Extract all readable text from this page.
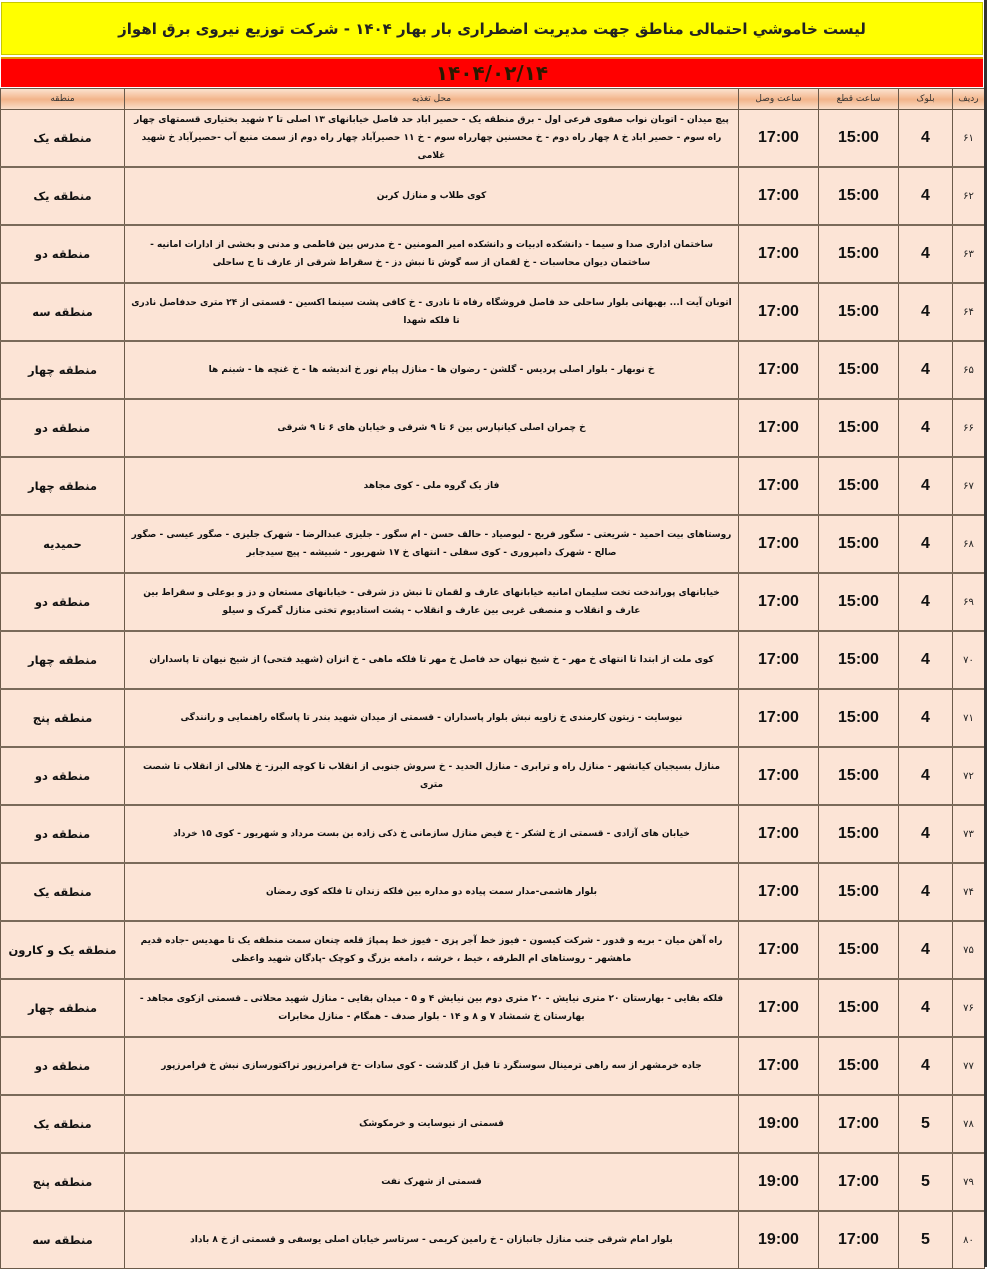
لیست خاموشي احتمالی مناطق جهت مدیریت اضطراری بار بهار ۱۴۰۴ - شرکت توزیع نیروی برق اهواز
۱۴۰۴/۰۲/۱۴
منطقه	محل تغذیه	ساعت وصل	ساعت قطع	بلوک	ردیف
منطقه یک	پیچ میدان - اتوبان نواب صفوی فرعی اول - برق منطقه یک - حصیر اباد حد فاصل خیابانهای ۱۳ اصلی تا ۲ شهید بختیاری قسمتهای چهار راه سوم - حصیر اباد خ ۸ چهار راه دوم - خ محسنین چهارراه سوم - خ ۱۱ حصیرآباد چهار راه دوم از سمت منبع آب -حصیرآباد خ شهید غلامی	17:00	15:00	4	۶۱
منطقه یک	کوی طلاب و منازل کربن	17:00	15:00	4	۶۲
منطقه دو	ساختمان اداری صدا و سیما - دانشکده ادبیات و دانشکده امیر المومنین - خ مدرس بین فاطمی و مدنی و بخشی از ادارات امانیه - ساختمان دیوان محاسبات - خ لقمان از سه گوش تا نبش دز - خ سقراط شرقی از عارف تا ح ساحلی	17:00	15:00	4	۶۳
منطقه سه	اتوبان آیت ا... بهبهانی بلوار ساحلی حد فاصل فروشگاه رفاه تا نادری - خ کافی پشت سینما اکسین - قسمتی از ۲۴ متری حدفاصل نادری تا فلکه شهدا	17:00	15:00	4	۶۴
منطقه چهار	خ نوبهار - بلوار اصلی پردیس - گلشن - رضوان ها - منازل پیام نور خ اندیشه ها - خ غنچه ها - شبنم ها	17:00	15:00	4	۶۵
منطقه دو	خ چمران اصلی کیانپارس بین ۶ تا ۹ شرقی و خیابان های ۶ تا ۹ شرقی	17:00	15:00	4	۶۶
منطقه چهار	فاز یک گروه ملی - کوی مجاهد	17:00	15:00	4	۶۷
حمیدیه	روستاهای بیت احمید - شریعتی - سگور فریح - لبوصیاد - حالف حسن - ام سگور - جلیزی عبدالرضا - شهرک جلیزی - صگور عیسی - صگور صالح - شهرک دامپروری - کوی سفلی - انتهای خ ۱۷ شهریور - شبیشه - پیچ سیدجابر	17:00	15:00	4	۶۸
منطقه دو	خیابانهای پوراندخت تخت سلیمان امانیه خیابانهای عارف و لقمان تا نبش دز شرقی - خیابانهای مستعان و دز و بوعلی و سقراط بین عارف و انقلاب و منصفی غربی بین عارف و انقلاب - پشت استادیوم تختی منازل گمرک و سیلو	17:00	15:00	4	۶۹
منطقه چهار	کوی ملت از ابتدا تا انتهای خ مهر - خ شیخ نیهان حد فاصل خ مهر تا فلکه ماهی - خ انزان (شهید فتحی) از شیخ نیهان تا پاسداران	17:00	15:00	4	۷۰
منطقه پنج	نیوسایت - زیتون کارمندی خ زاویه نبش بلوار پاسداران - قسمتی از میدان شهید بندر تا پاسگاه راهنمایی و رانندگی	17:00	15:00	4	۷۱
منطقه دو	منازل بسیجیان کیانشهر - منازل راه و ترابری - منازل الحدید - خ سروش جنوبی از انقلاب تا کوچه البرز- خ هلالی از انقلاب تا شصت متری	17:00	15:00	4	۷۲
منطقه دو	خیابان های آزادی - قسمتی از خ لشکر - خ فیض منازل سازمانی خ ذکی زاده بن بست مرداد و شهریور - کوی ۱۵ خرداد	17:00	15:00	4	۷۳
منطقه یک	بلوار هاشمی-مدار سمت پیاده دو مداره بین فلکه زندان تا فلکه کوی رمضان	17:00	15:00	4	۷۴
منطقه یک و کارون	راه آهن میان - بریه و قدور - شرکت کیسون - فیوز خط آجر پزی - فیوز خط پمپاژ قلعه چنعان سمت منطقه یک تا مهدیس -جاده قدیم ماهشهر - روستاهای ام الطرفه ، خیط ، خرشه ، دامغه بزرگ و کوچک -پادگان شهید واعظی	17:00	15:00	4	۷۵
منطقه چهار	فلکه بقایی - بهارستان ۲۰ متری نیایش - ۲۰ متری دوم بین نیایش ۴ و ۵ - میدان بقایی - منازل شهید محلاتی ـ قسمتی ازکوی مجاهد - بهارستان خ شمشاد ۷ و ۸ و ۱۴ - بلوار صدف - همگام - منازل مخابرات	17:00	15:00	4	۷۶
منطقه دو	جاده خرمشهر از سه راهی ترمینال سوسنگرد تا قبل از گلدشت - کوی سادات -خ فرامرزپور تراکتورسازی نبش خ فرامرزپور	17:00	15:00	4	۷۷
منطقه یک	قسمتی از نیوسایت و خرمکوشک	19:00	17:00	5	۷۸
منطقه پنج	قسمتی از شهرک نفت	19:00	17:00	5	۷۹
منطقه سه	بلوار امام شرقی جنب منازل جانبازان - خ رامین کریمی - سرتاسر خیابان اصلی یوسفی و قسمتی از خ ۸ باداد	19:00	17:00	5	۸۰
